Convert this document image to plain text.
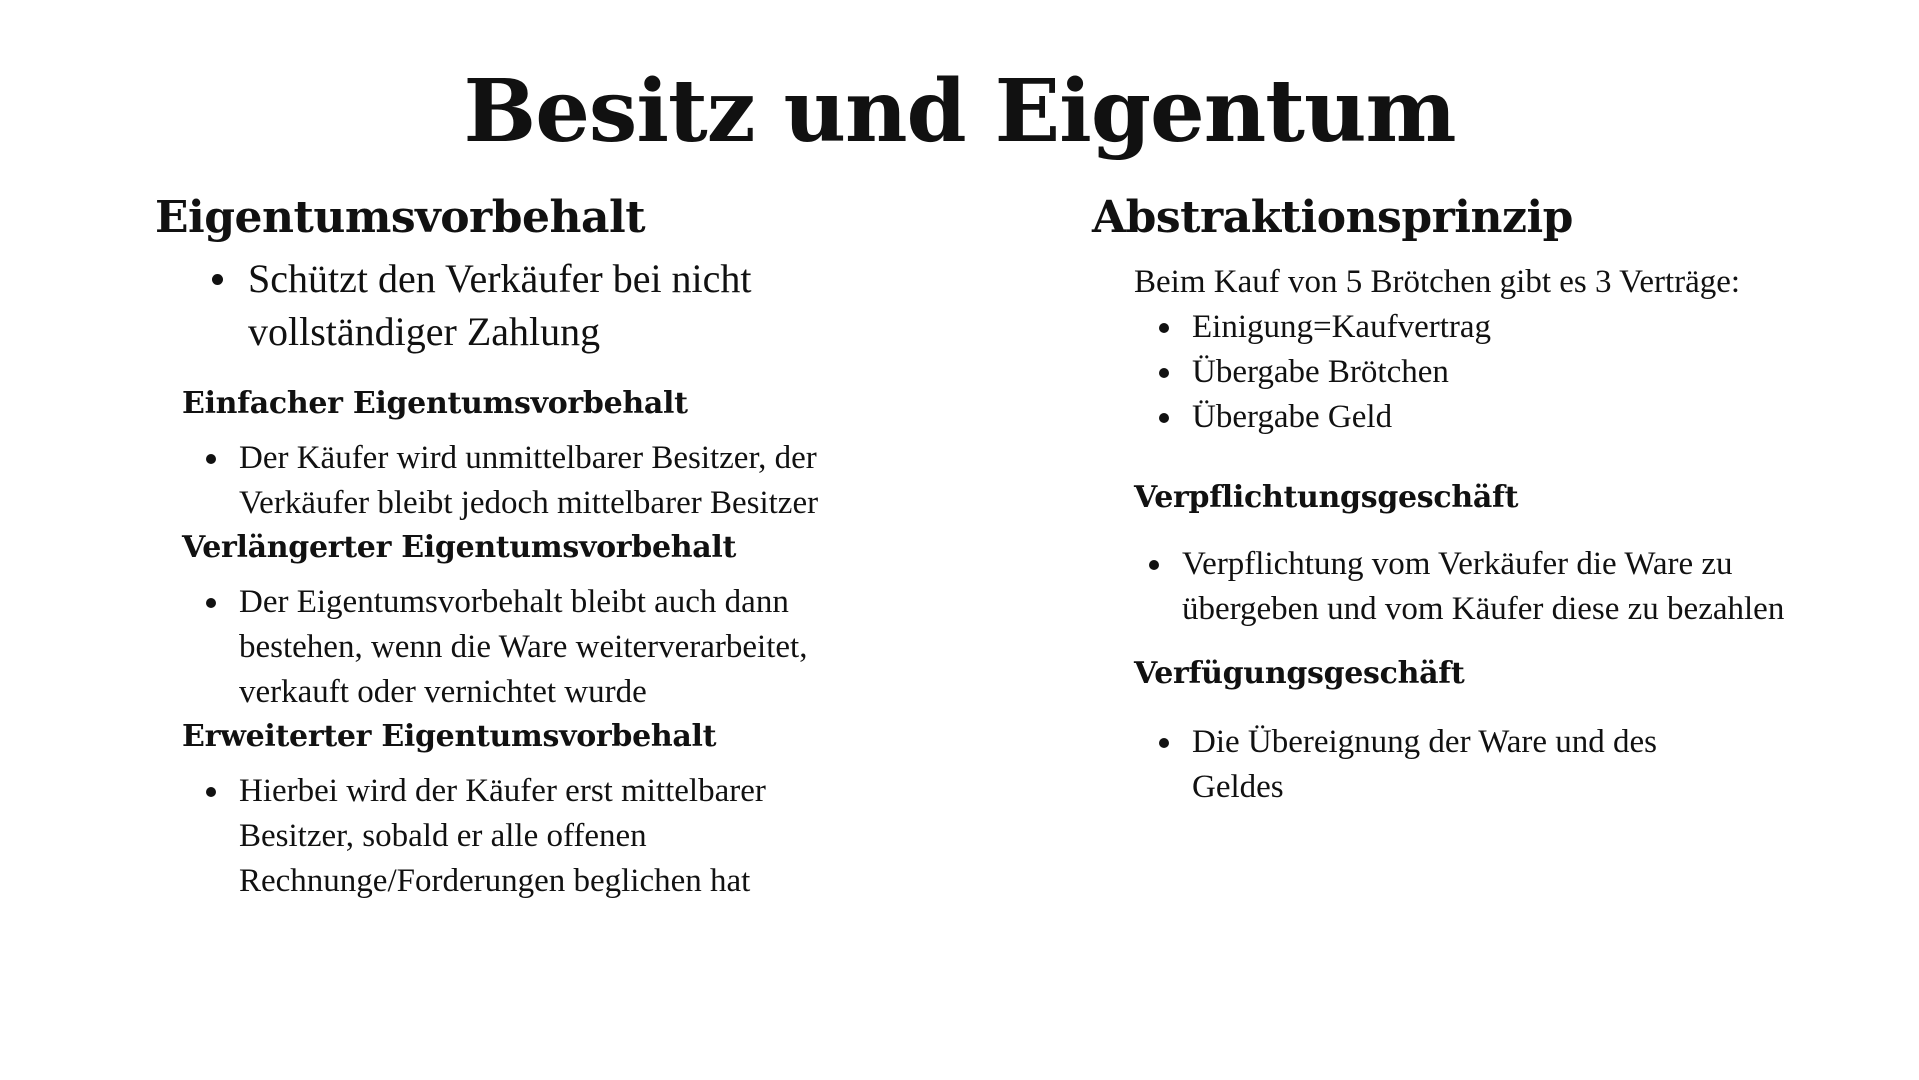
Besitz und Eigentum
Eigentumsvorbehalt
Schützt den Verkäufer bei nicht vollständiger Zahlung
Einfacher Eigentumsvorbehalt
Der Käufer wird unmittelbarer Besitzer, der Verkäufer bleibt jedoch mittelbarer Besitzer
Verlängerter Eigentumsvorbehalt
Der Eigentumsvorbehalt bleibt auch dann bestehen, wenn die Ware weiterverarbeitet, verkauft oder vernichtet wurde
Erweiterter Eigentumsvorbehalt
Hierbei wird der Käufer erst mittelbarer Besitzer, sobald er alle offenen Rechnunge/Forderungen beglichen hat
Abstraktionsprinzip

Beim Kauf von 5 Brötchen gibt es 3 Verträge:

Einigung=Kaufvertrag
Übergabe Brötchen
Übergabe Geld
Verpflichtungsgeschäft
Verpflichtung vom Verkäufer die Ware zu übergeben und vom Käufer diese zu bezahlen
Verfügungsgeschäft
Die Übereignung der Ware und des Geldes
